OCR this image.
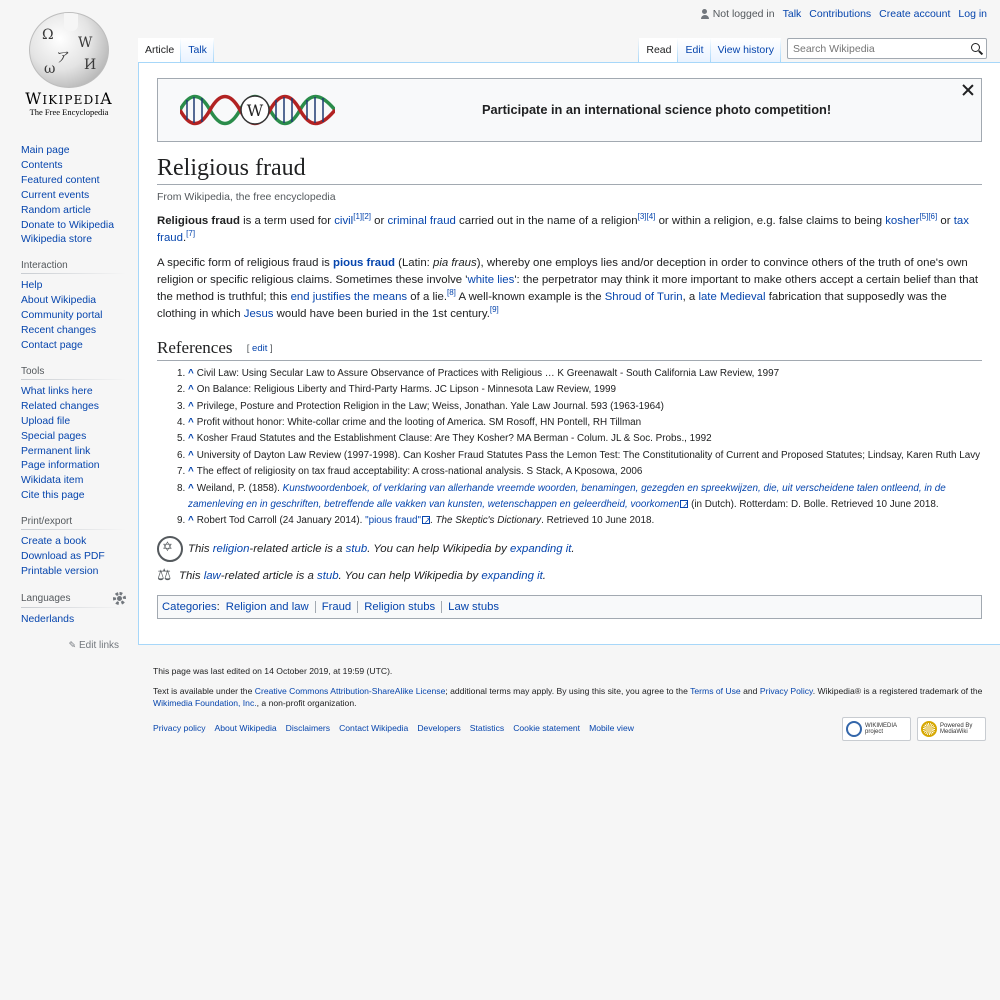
Not logged in Talk Contributions Create account Log in
Ω W
ア И
ω
WIKIPEDIA
The Free Encyclopedia
Main page
Contents
Featured content
Current events
Random article
Donate to Wikipedia
Wikipedia store
Interaction
Help
About Wikipedia
Community portal
Recent changes
Contact page
Tools
What links here
Related changes
Upload file
Special pages
Permanent link
Page information
Wikidata item
Cite this page
Print/export
Create a book
Download as PDF
Printable version
Languages
Nederlands
✎ Edit links
Article	Talk	Read	Edit	View history
Search Wikipedia
W	Participate in an international science photo competition!
Religious fraud
From Wikipedia, the free encyclopedia

Religious fraud is a term used for civil[1][2] or criminal fraud carried out in the name of a religion[3][4] or within a religion, e.g. false claims to being kosher[5][6] or tax fraud.[7]

A specific form of religious fraud is pious fraud (Latin: pia fraus), whereby one employs lies and/or deception in order to convince others of the truth of one's own religion or specific religious claims. Sometimes these involve 'white lies': the perpetrator may think it more important to make others accept a certain belief than that the method is truthful; this end justifies the means of a lie.[8] A well-known example is the Shroud of Turin, a late Medieval fabrication that supposedly was the clothing in which Jesus would have been buried in the 1st century.[9]

References [ edit ]
1. ^ Civil Law: Using Secular Law to Assure Observance of Practices with Religious … K Greenawalt - South California Law Review, 1997
2. ^ On Balance: Religious Liberty and Third-Party Harms. JC Lipson - Minnesota Law Review, 1999
3. ^ Privilege, Posture and Protection Religion in the Law; Weiss, Jonathan. Yale Law Journal. 593 (1963-1964)
4. ^ Profit without honor: White-collar crime and the looting of America. SM Rosoff, HN Pontell, RH Tillman
5. ^ Kosher Fraud Statutes and the Establishment Clause: Are They Kosher? MA Berman - Colum. JL & Soc. Probs., 1992
6. ^ University of Dayton Law Review (1997-1998). Can Kosher Fraud Statutes Pass the Lemon Test: The Constitutionality of Current and Proposed Statutes; Lindsay, Karen Ruth Lavy
7. ^ The effect of religiosity on tax fraud acceptability: A cross-national analysis. S Stack, A Kposowa, 2006
8. ^ Weiland, P. (1858). Kunstwoordenboek, of verklaring van allerhande vreemde woorden, benamingen, gezegden en spreekwijzen, die, uit verscheidene talen ontleend, in de zamenleving en in geschriften, betreffende alle vakken van kunsten, wetenschappen en geleerdheid, voorkomen↗ (in Dutch). Rotterdam: D. Bolle. Retrieved 10 June 2018.
9. ^ Robert Tod Carroll (24 January 2014). "pious fraud"↗ . The Skeptic's Dictionary. Retrieved 10 June 2018.
✡
This religion-related article is a stub. You can help Wikipedia by expanding it.
⚖
This law-related article is a stub. You can help Wikipedia by expanding it.
Categories : Religion and law	Fraud	Religion stubs	Law stubs

This page was last edited on 14 October 2019, at 19:59 (UTC).

Text is available under the Creative Commons Attribution-ShareAlike License; additional terms may apply. By using this site, you agree to the Terms of Use and Privacy Policy. Wikipedia® is a registered trademark of the Wikimedia Foundation, Inc., a non-profit organization.

Privacy policy About Wikipedia Disclaimers Contact Wikipedia Developers Statistics Cookie statement Mobile view	WIKIMEDIA project
Powered By MediaWiki
